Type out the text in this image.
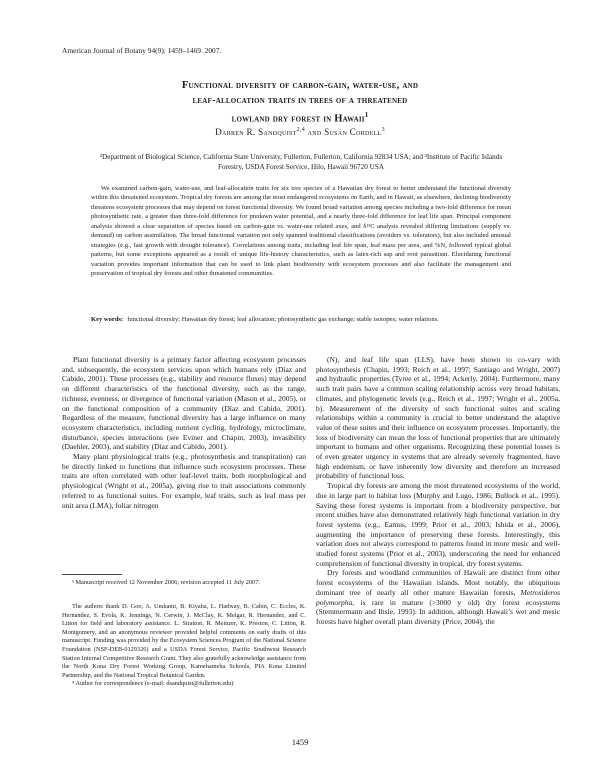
American Journal of Botany 94(9): 1459–1469. 2007.
Functional diversity of carbon-gain, water-use, and
leaf-allocation traits in trees of a threatened
lowland dry forest in Hawaii$^1$
Darren R. Sandquist$^{2,4}$ and Susan Cordell$^3$
²Department of Biological Science, California State University, Fullerton, Fullerton, California 92834 USA; and ³Institute of Pacific Islands Forestry, USDA Forest Service, Hilo, Hawaii 96720 USA
We examined carbon-gain, water-use, and leaf-allocation traits for six tree species of a Hawaiian dry forest to better understand the functional diversity within this threatened ecosystem. Tropical dry forests are among the most endangered ecosystems on Earth, and in Hawaii, as elsewhere, declining biodiversity threatens ecosystem processes that may depend on forest functional diversity. We found broad variation among species including a two-fold difference for mean photosynthetic rate, a greater than three-fold difference for predawn water potential, and a nearly three-fold difference for leaf life span. Principal component analysis showed a clear separation of species based on carbon-gain vs. water-use related axes, and δ¹³C analysis revealed differing limitations (supply vs. demand) on carbon assimilation. The broad functional variation not only spanned traditional classifications (avoiders vs. tolerators), but also included unusual strategies (e.g., fast growth with drought tolerance). Correlations among traits, including leaf life span, leaf mass per area, and %N, followed typical global patterns, but some exceptions appeared as a result of unique life-history characteristics, such as latex-rich sap and root parasitism. Elucidating functional variation provides important information that can be used to link plant biodiversity with ecosystem processes and also facilitate the management and preservation of tropical dry forests and other threatened communities.
Key words: functional diversity; Hawaiian dry forest; leaf allocation; photosynthetic gas exchange; stable isotopes; water relations.

Plant functional diversity is a primary factor affecting ecosystem processes and, subsequently, the ecosystem services upon which humans rely (Díaz and Cabido, 2001). These processes (e.g., stability and resource fluxes) may depend on different characteristics of the functional diversity, such as the range, richness, evenness, or divergence of functional variation (Mason et al., 2005), or on the functional composition of a community (Díaz and Cabido, 2001). Regardless of the measure, functional diversity has a large influence on many ecosystem characteristics, including nutrient cycling, hydrology, microclimate, disturbance, species interactions (see Eviner and Chapin, 2003), invasibility (Daehler, 2003), and stability (Díaz and Cabido, 2001).

Many plant physiological traits (e.g., photosynthesis and transpiration) can be directly linked to functions that influence such ecosystem processes. These traits are often correlated with other leaf-level traits, both morphological and physiological (Wright et al., 2005a), giving rise to trait associations commonly referred to as functional suites. For example, leaf traits, such as leaf mass per unit area (LMA), foliar nitrogen

(N), and leaf life span (LLS), have been shown to co-vary with photosynthesis (Chapin, 1993; Reich et al., 1997; Santiago and Wright, 2007) and hydraulic properties (Tyree et al., 1994; Ackerly, 2004). Furthermore, many such trait pairs have a common scaling relationship across very broad habitats, climates, and phylogenetic levels (e.g., Reich et al., 1997; Wright et al., 2005a, b). Measurement of the diversity of such functional suites and scaling relationships within a community is crucial to better understand the adaptive value of these suites and their influence on ecosystem processes. Importantly, the loss of biodiversity can mean the loss of functional properties that are ultimately important to humans and other organisms. Recognizing these potential losses is of even greater urgency in systems that are already severely fragmented, have high endemism, or have inherently low diversity and therefore an increased probability of functional loss.

Tropical dry forests are among the most threatened ecosystems of the world, due in large part to habitat loss (Murphy and Lugo, 1986; Bullock et al., 1995). Saving these forest systems is important from a biodiversity perspective, but recent studies have also demonstrated relatively high functional variation in dry forest systems (e.g., Eamus, 1999; Prior et al., 2003; Ishida et al., 2006), augmenting the importance of preserving these forests. Interestingly, this variation does not always correspond to patterns found in more mesic and well-studied forest systems (Prior et al., 2003), underscoring the need for enhanced comprehension of functional diversity in tropical, dry forest systems.

Dry forests and woodland communities of Hawaii are distinct from other forest ecosystems of the Hawaiian islands. Most notably, the ubiquitous dominant tree of nearly all other mature Hawaiian forests, Metrosideros polymorpha, is rare in mature (>3000 y old) dry forest ecosystems (Stemmermann and Ihsle, 1993). In addition, although Hawaii’s wet and mesic forests have higher overall plant diversity (Price, 2004), the

¹ Manuscript received 12 November 2006; revision accepted 11 July 2007.

The authors thank D. Goo, A. Umkami, B. Kiyaba, L. Hadway, B. Cabin, C. Eccles, K. Hernandez, S. Evola, K. Jennings, N. Cerwin, J. McClay, K. Melgar, R. Hernandez, and C. Litton for field and laboratory assistance. L. Stratton, R. Meinzer, K. Preston, C. Litton, R. Montgomery, and an anonymous reviewer provided helpful comments on early drafts of this manuscript. Funding was provided by the Ecosystem Sciences Program of the National Science Foundation (NSF-DEB-0129326) and a USDA Forest Service, Pacific Southwest Research Station Internal Competitive Research Grant. They also gratefully acknowledge assistance from the North Kona Dry Forest Working Group, Kamehameha Schools, PIA Kona Limited Partnership, and the National Tropical Botanical Garden.

⁴ Author for correspondence (e-mail: dsandquist@fullerton.edu)

1459
